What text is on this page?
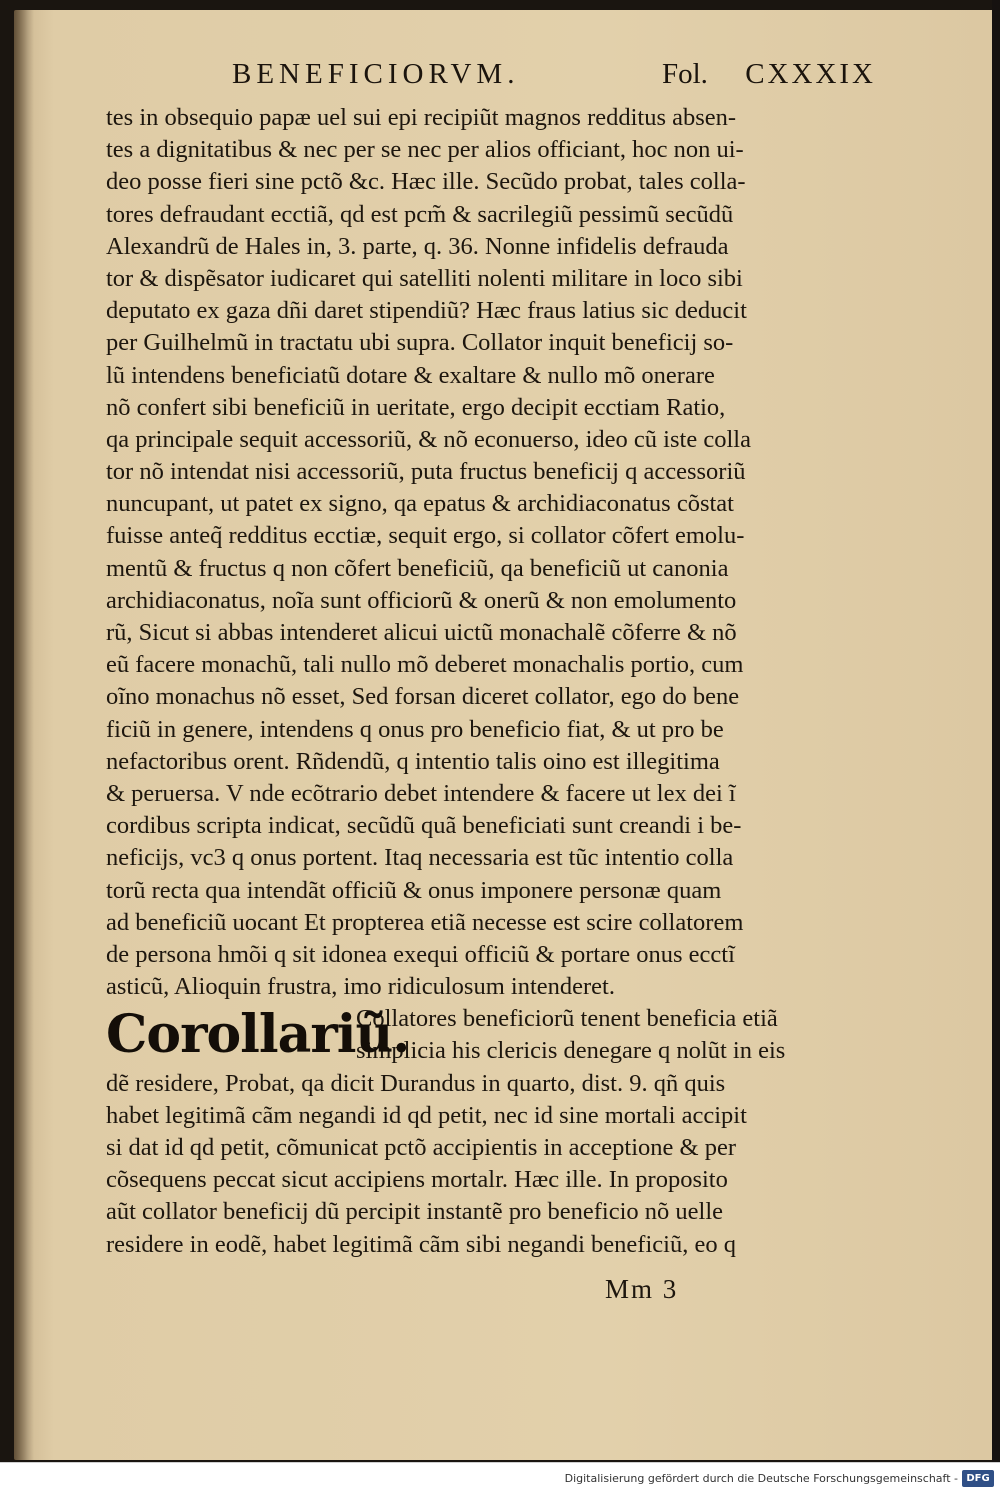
BENEFICIORVM.	Fol. CXXXIX
tes in obsequio papæ uel sui epi recipiũt magnos redditus absen-
tes a dignitatibus & nec per se nec per alios officiant, hoc non ui-
deo posse fieri sine pctõ &c. Hæc ille. Secũdo probat, tales colla-
tores defraudant ecctiã, qd est pcm̃ & sacrilegiũ pessimũ secũdũ
Alexandrũ de Hales in, 3. parte, q. 36. Nonne infidelis defrauda
tor & dispẽsator iudicaret qui satelliti nolenti militare in loco sibi
deputato ex gaza dñi daret stipendiũ? Hæc fraus latius sic deducit
per Guilhelmũ in tractatu ubi supra. Collator inquit beneficij so-
lũ intendens beneficiatũ dotare & exaltare & nullo mõ onerare
nõ confert sibi beneficiũ in ueritate, ergo decipit ecctiam Ratio,
qa principale sequit accessoriũ, & nõ econuerso, ideo cũ iste colla
tor nõ intendat nisi accessoriũ, puta fructus beneficij q accessoriũ
nuncupant, ut patet ex signo, qa epatus & archidiaconatus cõstat
fuisse anteq̃ redditus ecctiæ, sequit ergo, si collator cõfert emolu-
mentũ & fructus q non cõfert beneficiũ, qa beneficiũ ut canonia
archidiaconatus, noĩa sunt officiorũ & onerũ & non emolumento
rũ, Sicut si abbas intenderet alicui uictũ monachalẽ cõferre & nõ
eũ facere monachũ, tali nullo mõ deberet monachalis portio, cum
oĩno monachus nõ esset, Sed forsan diceret collator, ego do bene
ficiũ in genere, intendens q onus pro beneficio fiat, & ut pro be
nefactoribus orent. Rñdendũ, q intentio talis oino est illegitima
& peruersa. V nde ecõtrario debet intendere & facere ut lex dei ĩ
cordibus scripta indicat, secũdũ quã beneficiati sunt creandi i be-
neficijs, vc3 q onus portent. Itaq necessaria est tũc intentio colla
torũ recta qua intendãt officiũ & onus imponere personæ quam
ad beneficiũ uocant Et propterea etiã necesse est scire collatorem
de persona hmõi q sit idonea exequi officiũ & portare onus ecctĩ
asticũ, Alioquin frustra, imo ridiculosum intenderet.
Corollariũ.
Collatores beneficiorũ tenent beneficia etiã
simplicia his clericis denegare q nolũt in eis
dẽ residere, Probat, qa dicit Durandus in quarto, dist. 9. qñ quis
habet legitimã cãm negandi id qd petit, nec id sine mortali accipit
si dat id qd petit, cõmunicat pctõ accipientis in acceptione & per
cõsequens peccat sicut accipiens mortalr. Hæc ille. In proposito
aũt collator beneficij dũ percipit instantẽ pro beneficio nõ uelle
residere in eodẽ, habet legitimã cãm sibi negandi beneficiũ, eo q
Mm 3
Digitalisierung gefördert durch die Deutsche Forschungsgemeinschaft - DFG
